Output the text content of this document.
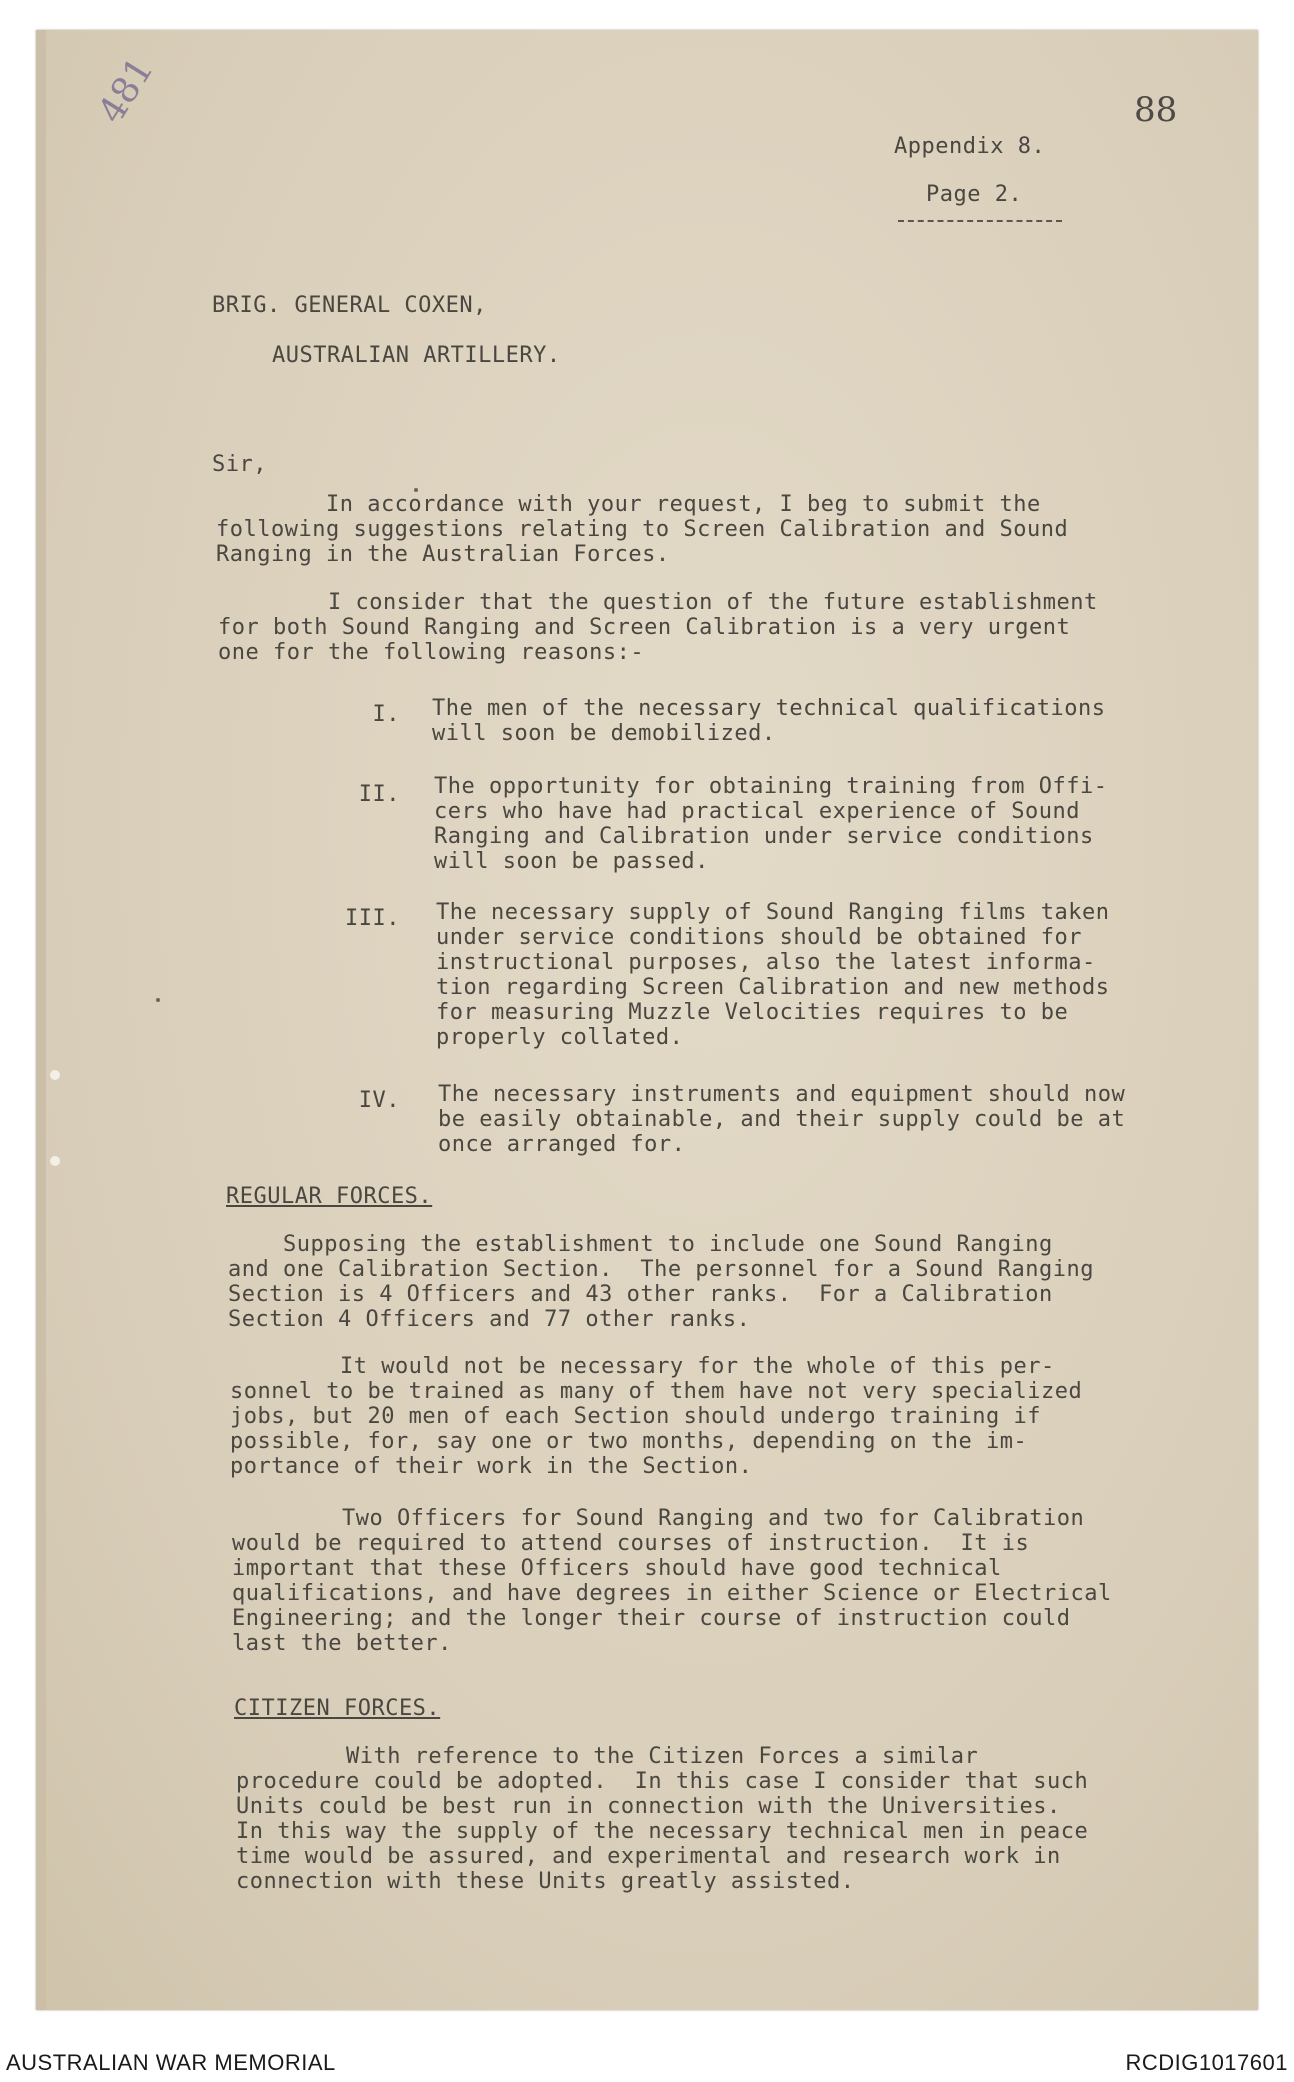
481	88
Appendix 8.
Page 2.
BRIG. GENERAL COXEN,
AUSTRALIAN ARTILLERY.
Sir,
In accordance with your request, I beg to submit the
following suggestions relating to Screen Calibration and Sound
Ranging in the Australian Forces.
I consider that the question of the future establishment
for both Sound Ranging and Screen Calibration is a very urgent
one for the following reasons:-
I. The men of the necessary technical qualifications
will soon be demobilized.
II. The opportunity for obtaining training from Offi-
cers who have had practical experience of Sound
Ranging and Calibration under service conditions
will soon be passed.
III. The necessary supply of Sound Ranging films taken
under service conditions should be obtained for
instructional purposes, also the latest informa-
tion regarding Screen Calibration and new methods
for measuring Muzzle Velocities requires to be
properly collated.
IV. The necessary instruments and equipment should now
be easily obtainable, and their supply could be at
once arranged for.
REGULAR FORCES.
Supposing the establishment to include one Sound Ranging
and one Calibration Section.  The personnel for a Sound Ranging
Section is 4 Officers and 43 other ranks.  For a Calibration
Section 4 Officers and 77 other ranks.
It would not be necessary for the whole of this per-
sonnel to be trained as many of them have not very specialized
jobs, but 20 men of each Section should undergo training if
possible, for, say one or two months, depending on the im-
portance of their work in the Section.
Two Officers for Sound Ranging and two for Calibration
would be required to attend courses of instruction.  It is
important that these Officers should have good technical
qualifications, and have degrees in either Science or Electrical
Engineering; and the longer their course of instruction could
last the better.
CITIZEN FORCES.
With reference to the Citizen Forces a similar
procedure could be adopted.  In this case I consider that such
Units could be best run in connection with the Universities.
In this way the supply of the necessary technical men in peace
time would be assured, and experimental and research work in
connection with these Units greatly assisted.
AUSTRALIAN WAR MEMORIAL	RCDIG1017601
